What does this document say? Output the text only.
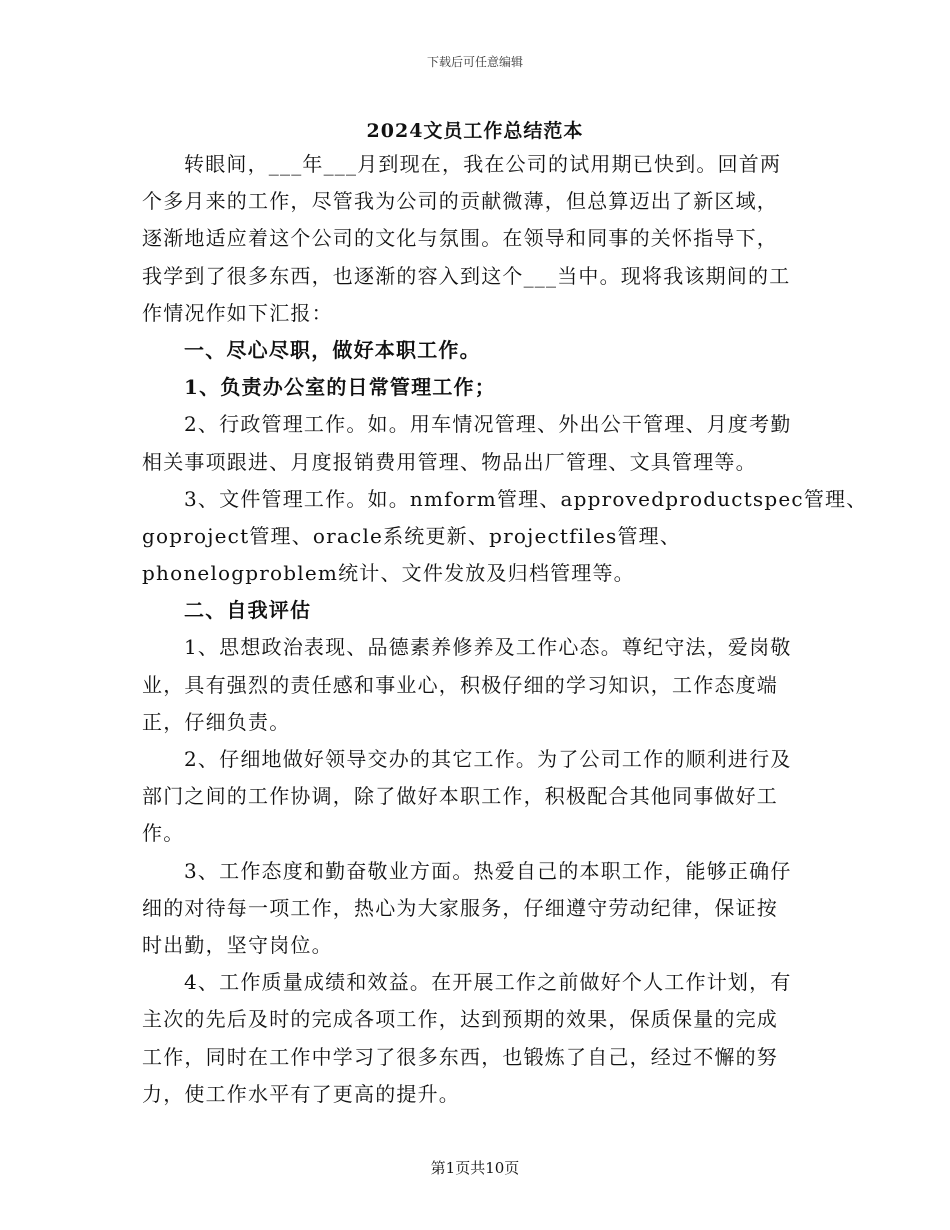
下载后可任意编辑
2024文员工作总结范本
转眼间，___年___月到现在，我在公司的试用期已快到。回首两
个多月来的工作，尽管我为公司的贡献微薄，但总算迈出了新区域，
逐渐地适应着这个公司的文化与氛围。在领导和同事的关怀指导下，
我学到了很多东西，也逐渐的容入到这个___当中。现将我该期间的工
作情况作如下汇报：
一、尽心尽职，做好本职工作。
1、负责办公室的日常管理工作；
2、行政管理工作。如。用车情况管理、外出公干管理、月度考勤
相关事项跟进、月度报销费用管理、物品出厂管理、文具管理等。
3、文件管理工作。如。nmform管理、approvedproductspec管理、
goproject管理、oracle系统更新、projectfiles管理、
phonelogproblem统计、文件发放及归档管理等。
二、自我评估
1、思想政治表现、品德素养修养及工作心态。尊纪守法，爱岗敬
业，具有强烈的责任感和事业心，积极仔细的学习知识，工作态度端
正，仔细负责。
2、仔细地做好领导交办的其它工作。为了公司工作的顺利进行及
部门之间的工作协调，除了做好本职工作，积极配合其他同事做好工
作。
3、工作态度和勤奋敬业方面。热爱自己的本职工作，能够正确仔
细的对待每一项工作，热心为大家服务，仔细遵守劳动纪律，保证按
时出勤，坚守岗位。
4、工作质量成绩和效益。在开展工作之前做好个人工作计划，有
主次的先后及时的完成各项工作，达到预期的效果，保质保量的完成
工作，同时在工作中学习了很多东西，也锻炼了自己，经过不懈的努
力，使工作水平有了更高的提升。
第1页共10页
